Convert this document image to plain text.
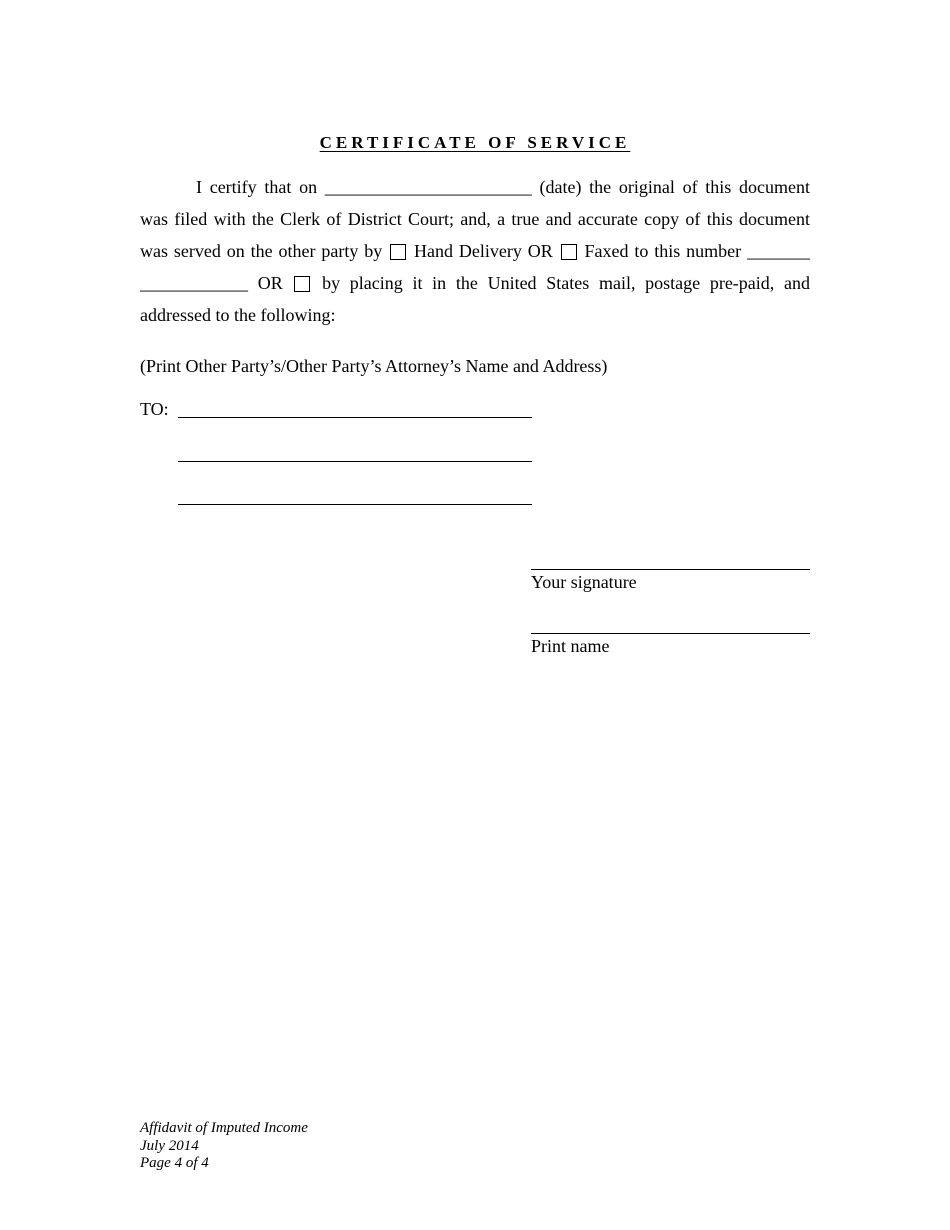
CERTIFICATE OF SERVICE
I certify that on _______________________ (date) the original of this document was filed with the Clerk of District Court; and, a true and accurate copy of this document was served on the other party by  Hand Delivery OR  Faxed to this number _______ ____________ OR  by placing it in the United States mail, postage pre-paid, and addressed to the following:
(Print Other Party’s/Other Party’s Attorney’s Name and Address)
TO:
Your signature
Print name
Affidavit of Imputed Income
July 2014
Page 4 of 4
